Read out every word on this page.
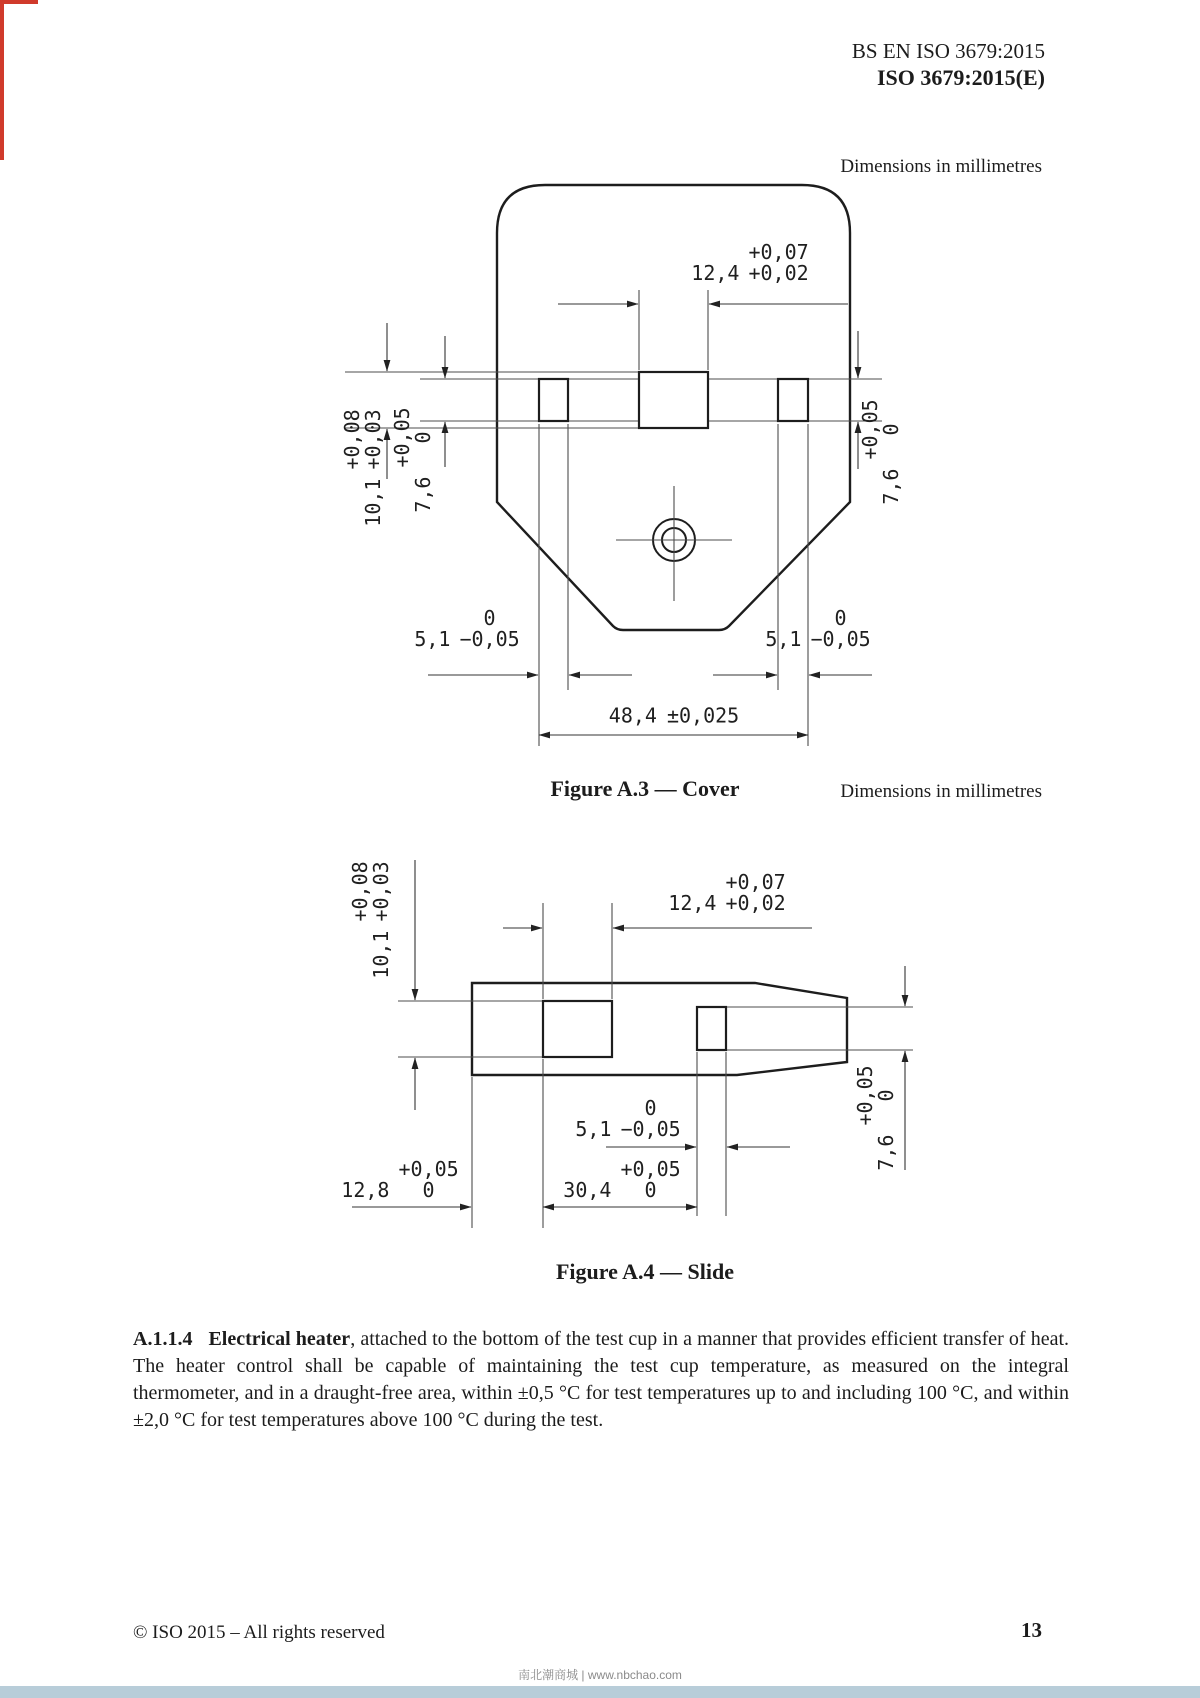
BS EN ISO 3679:2015
ISO 3679:2015(E)
Dimensions in millimetres
Dimensions in millimetres
12,4
+0,07
+0,02
10,1
+0,08
+0,03
7,6
+0,05
0
7,6
+0,05
0
5,1
0
−0,05	5,1
0
−0,05
48,4 ±0,025
Figure A.3 — Cover
10,1
+0,08
+0,03	12,4
+0,07
+0,02
7,6
+0,05
0
5,1
0
−0,05
30,4
+0,05
0
12,8
+0,05
0
Figure A.4 — Slide

A.1.1.4 Electrical heater, attached to the bottom of the test cup in a manner that provides efficient transfer of heat. The heater control shall be capable of maintaining the test cup temperature, as measured on the integral thermometer, and in a draught-free area, within ±0,5 °C for test temperatures up to and including 100 °C, and within ±2,0 °C for test temperatures above 100 °C during the test.

© ISO 2015 – All rights reserved	13
南北潮商城 | www.nbchao.com
